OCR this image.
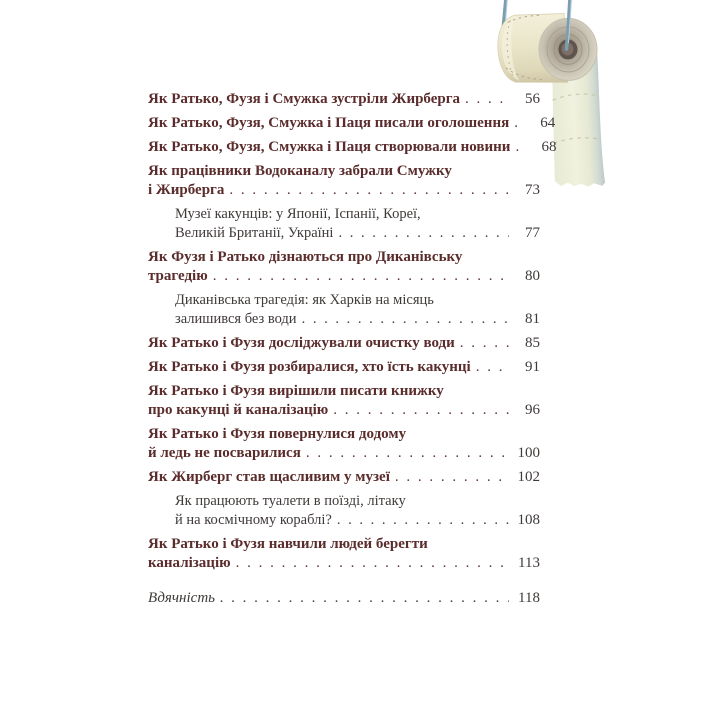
Як Ратько, Фузя і Смужка зустріли Жирберга . . .	56
Як Ратько, Фузя, Смужка і Паця писали оголошення . . .	64
Як Ратько, Фузя, Смужка і Паця створювали новини . . .	68
Як працівники Водоканалу забрали Смужку
і Жирберга . . .	73
Музеї какунців: у Японії, Іспанії, Кореї,
Великій Британії, Україні . . .	77
Як Фузя і Ратько дізнаються про Диканівську
трагедію . . .	80
Диканівська трагедія: як Харків на місяць
залишився без води . . .	81
Як Ратько і Фузя досліджували очистку води . . .	85
Як Ратько і Фузя розбиралися, хто їсть какунці . . .	91
Як Ратько і Фузя вирішили писати книжку
про какунці й каналізацію . . .	96
Як Ратько і Фузя повернулися додому
й ледь не посварилися . . .	100
Як Жирберг став щасливим у музеї . . .	102
Як працюють туалети в поїзді, літаку
й на космічному кораблі? . . .	108
Як Ратько і Фузя навчили людей берегти
каналізацію . . .	113
Вдячність . . .	118
